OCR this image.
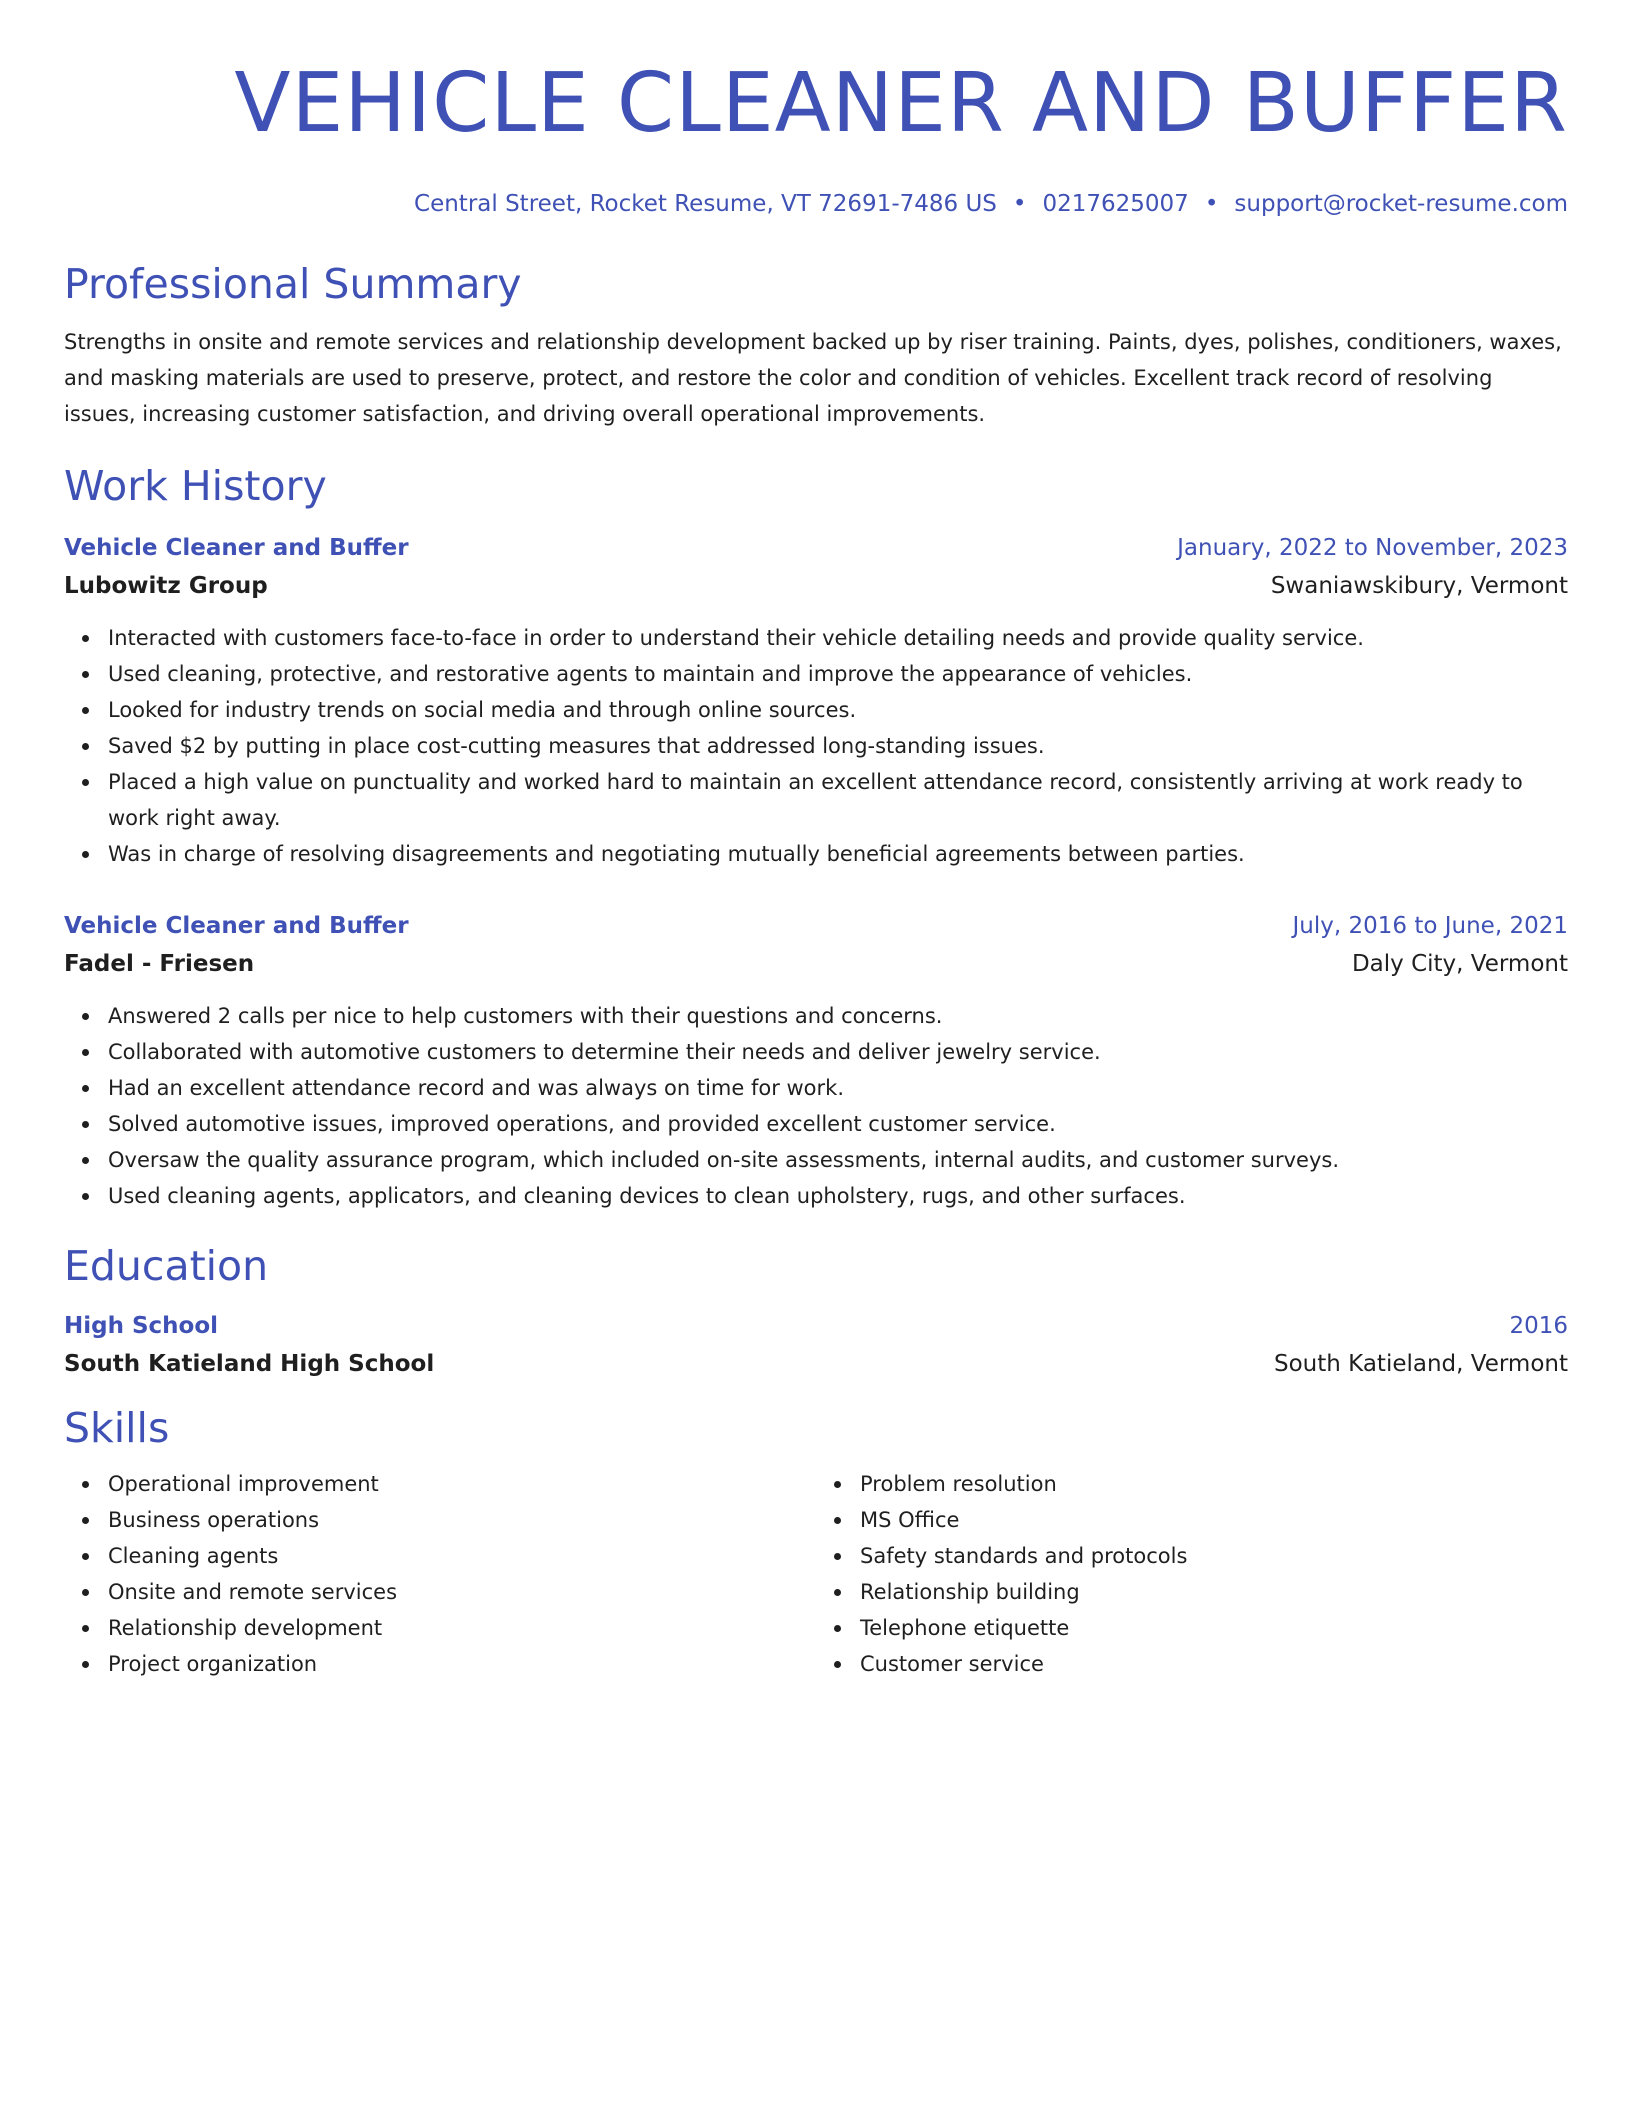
VEHICLE CLEANER AND BUFFER
Central Street, Rocket Resume, VT 72691-7486 US • 0217625007 • support@rocket-resume.com
Professional Summary
Strengths in onsite and remote services and relationship development backed up by riser training. Paints, dyes, polishes, conditioners, waxes, and masking materials are used to preserve, protect, and restore the color and condition of vehicles. Excellent track record of resolving issues, increasing customer satisfaction, and driving overall operational improvements.
Work History
Vehicle Cleaner and Buffer	January, 2022 to November, 2023
Lubowitz Group	Swaniawskibury, Vermont
Interacted with customers face-to-face in order to understand their vehicle detailing needs and provide quality service.
Used cleaning, protective, and restorative agents to maintain and improve the appearance of vehicles.
Looked for industry trends on social media and through online sources.
Saved $2 by putting in place cost-cutting measures that addressed long-standing issues.
Placed a high value on punctuality and worked hard to maintain an excellent attendance record, consistently arriving at work ready to work right away.
Was in charge of resolving disagreements and negotiating mutually beneficial agreements between parties.
Vehicle Cleaner and Buffer	July, 2016 to June, 2021
Fadel - Friesen	Daly City, Vermont
Answered 2 calls per nice to help customers with their questions and concerns.
Collaborated with automotive customers to determine their needs and deliver jewelry service.
Had an excellent attendance record and was always on time for work.
Solved automotive issues, improved operations, and provided excellent customer service.
Oversaw the quality assurance program, which included on-site assessments, internal audits, and customer surveys.
Used cleaning agents, applicators, and cleaning devices to clean upholstery, rugs, and other surfaces.
Education
High School	2016
South Katieland High School	South Katieland, Vermont
Skills
Operational improvement
Business operations
Cleaning agents
Onsite and remote services
Relationship development
Project organization
Problem resolution
MS Office
Safety standards and protocols
Relationship building
Telephone etiquette
Customer service
